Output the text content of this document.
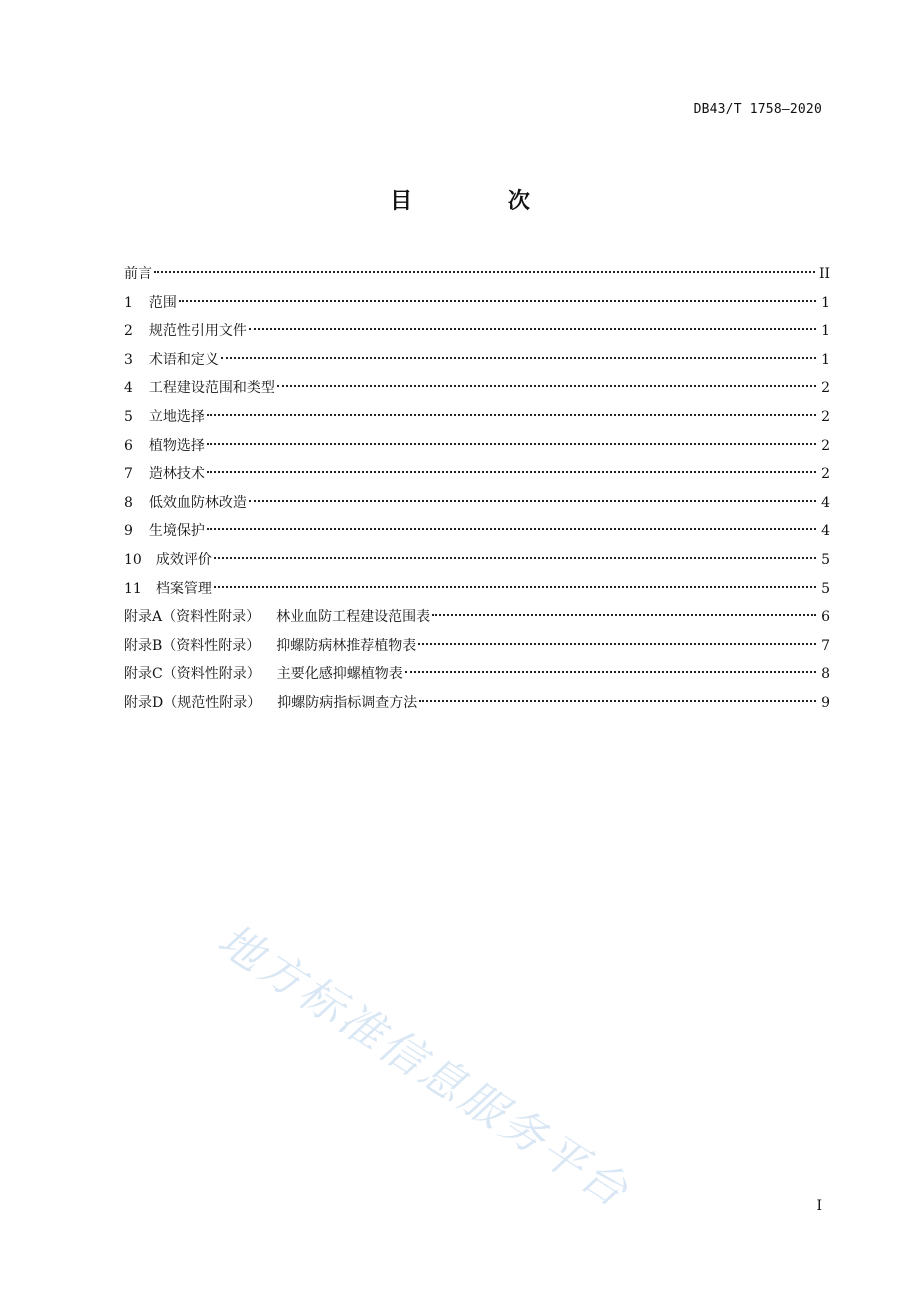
DB43/T 1758—2020
目 次
前言	II
1 范围	1
2 规范性引用文件	1
3 术语和定义	1
4 工程建设范围和类型	2
5 立地选择	2
6 植物选择	2
7 造林技术	2
8 低效血防林改造	4
9 生境保护	4
10 成效评价	5
11 档案管理	5
附录A（资料性附录） 林业血防工程建设范围表	6
附录B（资料性附录） 抑螺防病林推荐植物表	7
附录C（资料性附录） 主要化感抑螺植物表	8
附录D（规范性附录） 抑螺防病指标调查方法	9
地方标准信息服务平台	I
